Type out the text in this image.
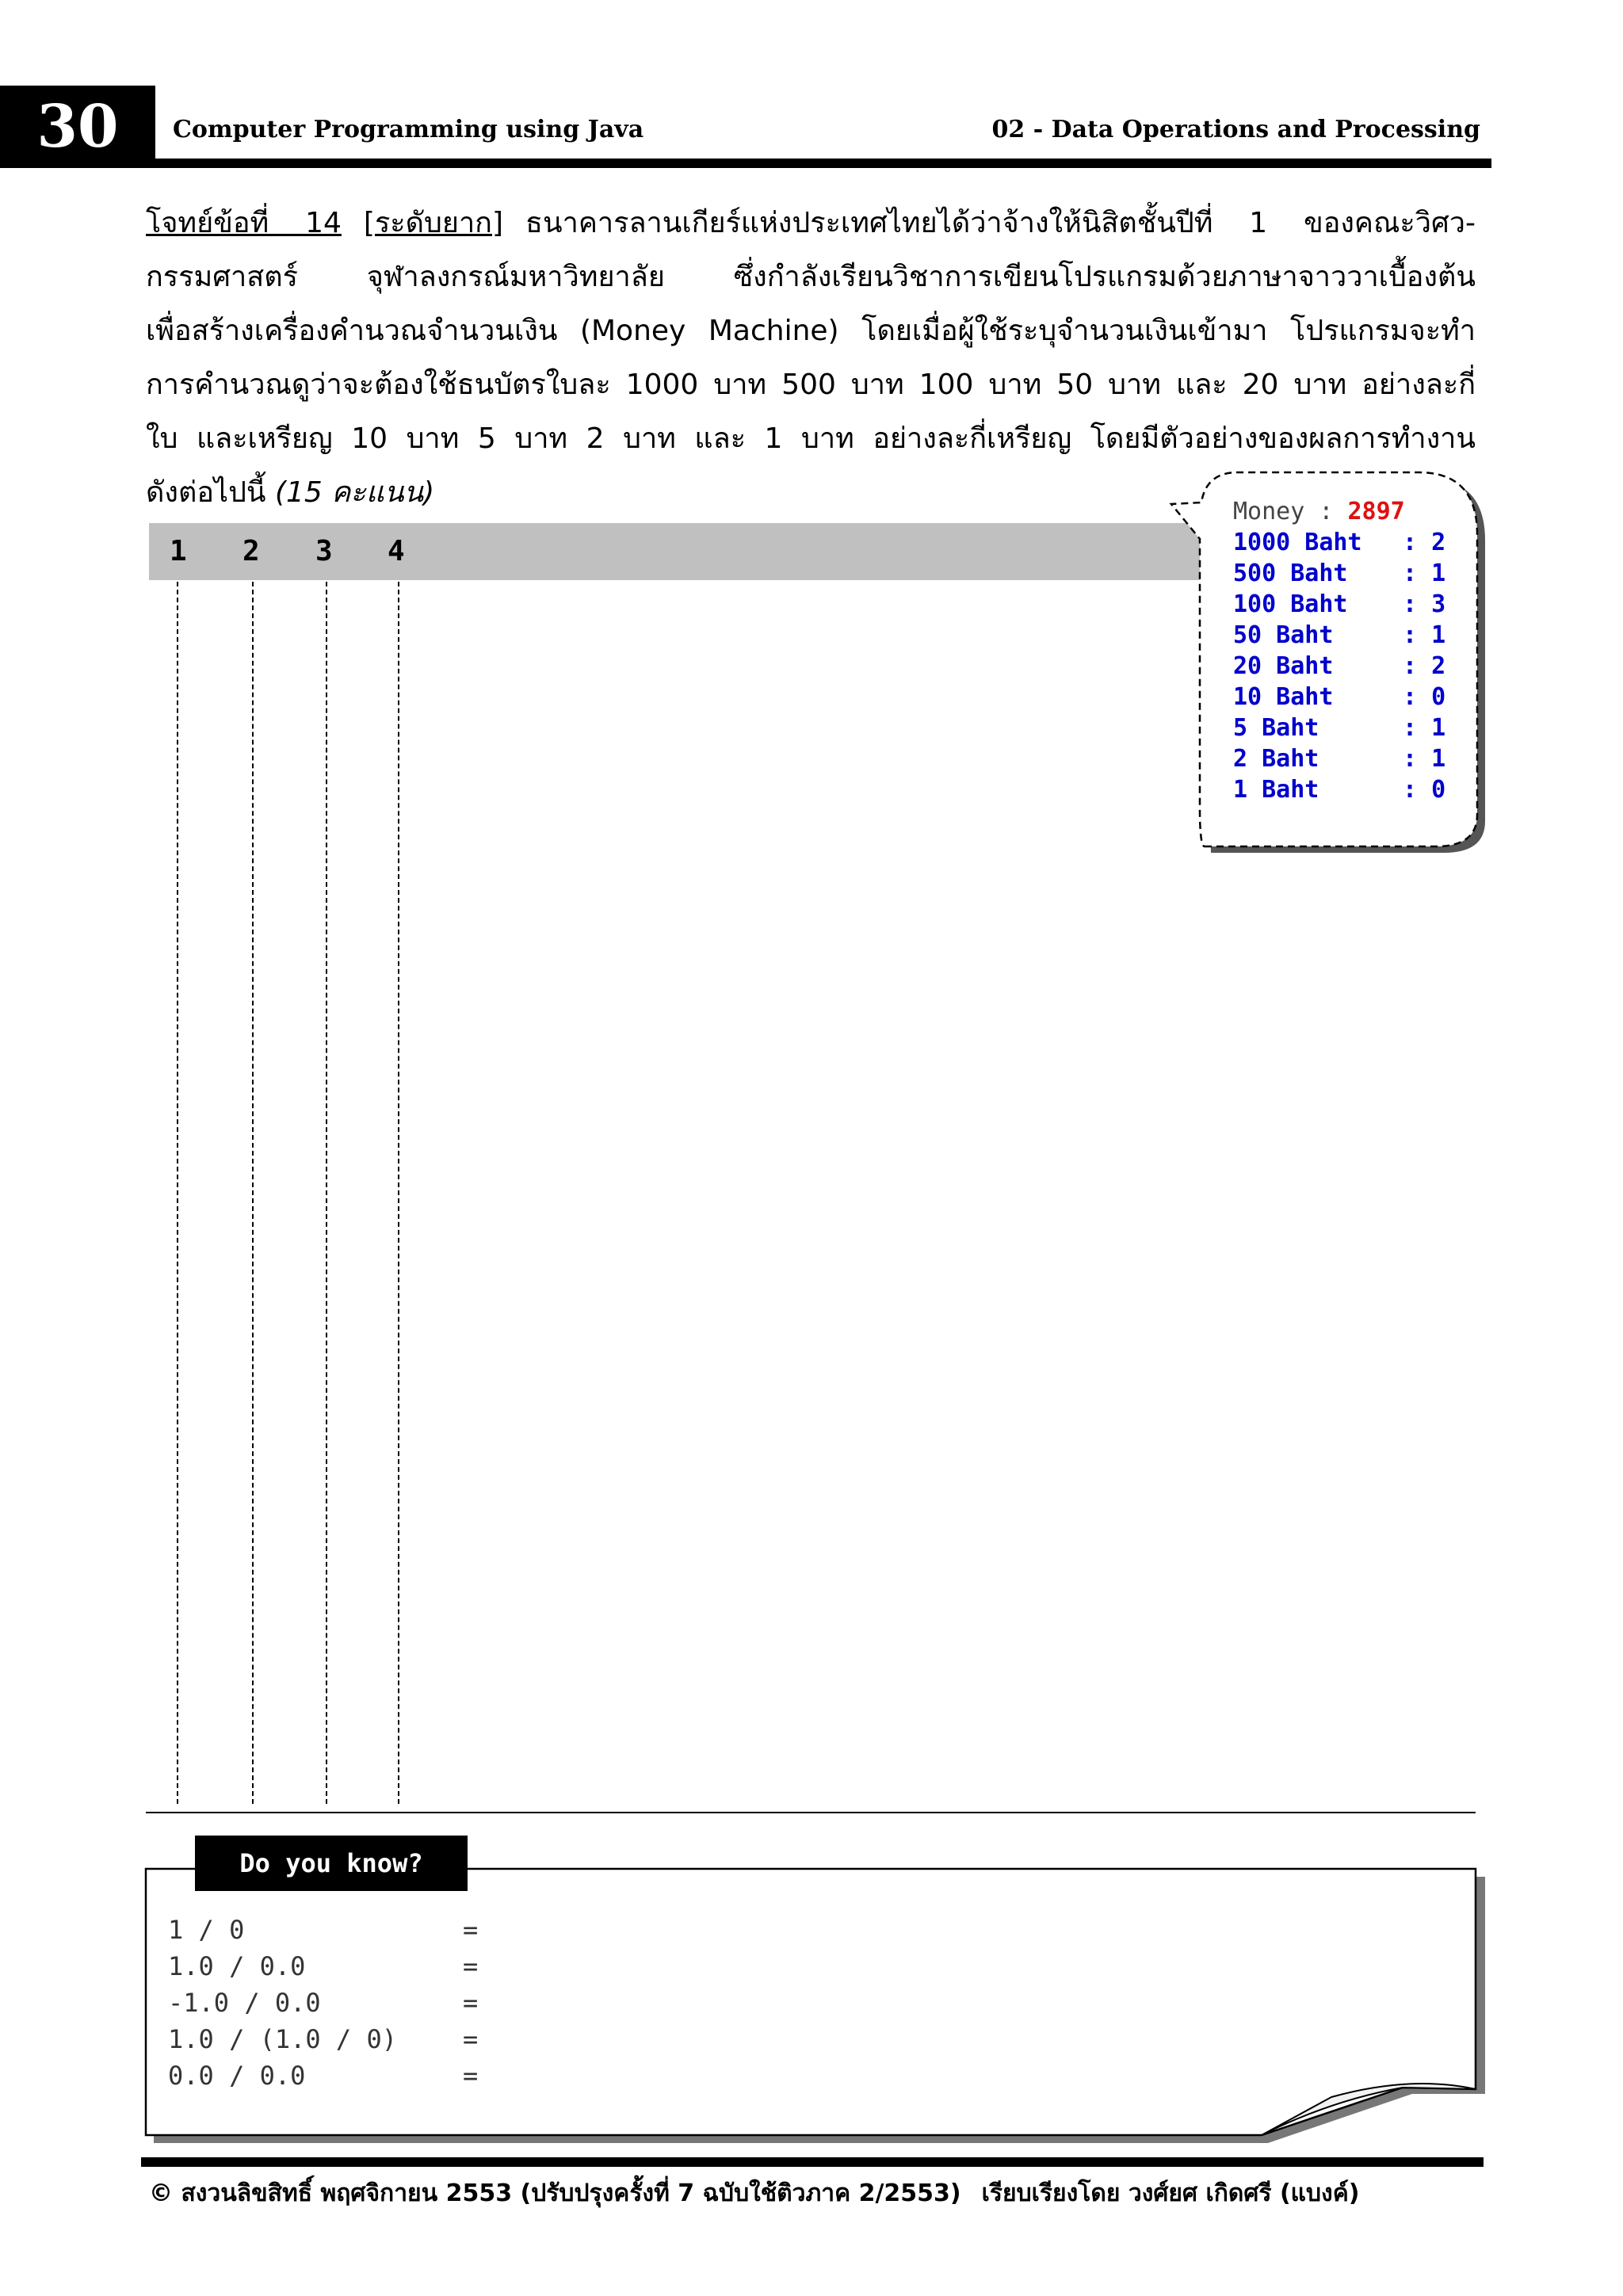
30	Computer Programming using Java	02 - Data Operations and Processing
โจทย์ข้อที่ 14 [ระดับยาก] ธนาคารลานเกียร์แห่งประเทศไทยได้ว่าจ้างให้นิสิตชั้นปีที่ 1 ของคณะวิศว-
กรรมศาสตร์ จุฬาลงกรณ์มหาวิทยาลัย ซึ่งกำลังเรียนวิชาการเขียนโปรแกรมด้วยภาษาจาววาเบื้องต้น
เพื่อสร้างเครื่องคำนวณจำนวนเงิน (Money Machine) โดยเมื่อผู้ใช้ระบุจำนวนเงินเข้ามา โปรแกรมจะทำ
การคำนวณดูว่าจะต้องใช้ธนบัตรใบละ 1000 บาท 500 บาท 100 บาท 50 บาท และ 20 บาท อย่างละกี่
ใบ และเหรียญ 10 บาท 5 บาท 2 บาท และ 1 บาท อย่างละกี่เหรียญ โดยมีตัวอย่างของผลการทำงาน
ดังต่อไปนี้ (15 คะแนน)
1 2 3 4
Money : 2897
1000 Baht : 2
500 Baht : 1
100 Baht : 3
50 Baht	: 1
20 Baht	: 2
10 Baht	: 0
5 Baht	: 1
2 Baht	: 1
1 Baht	: 0
Do you know?
1 / 0	=
1.0 / 0.0	=
-1.0 / 0.0	=
1.0 / (1.0 / 0)	=
0.0 / 0.0	=
© สงวนลิขสิทธิ์ พฤศจิกายน 2553 (ปรับปรุงครั้งที่ 7 ฉบับใช้ติวภาค 2/2553) เรียบเรียงโดย วงศ์ยศ เกิดศรี (แบงค์)
